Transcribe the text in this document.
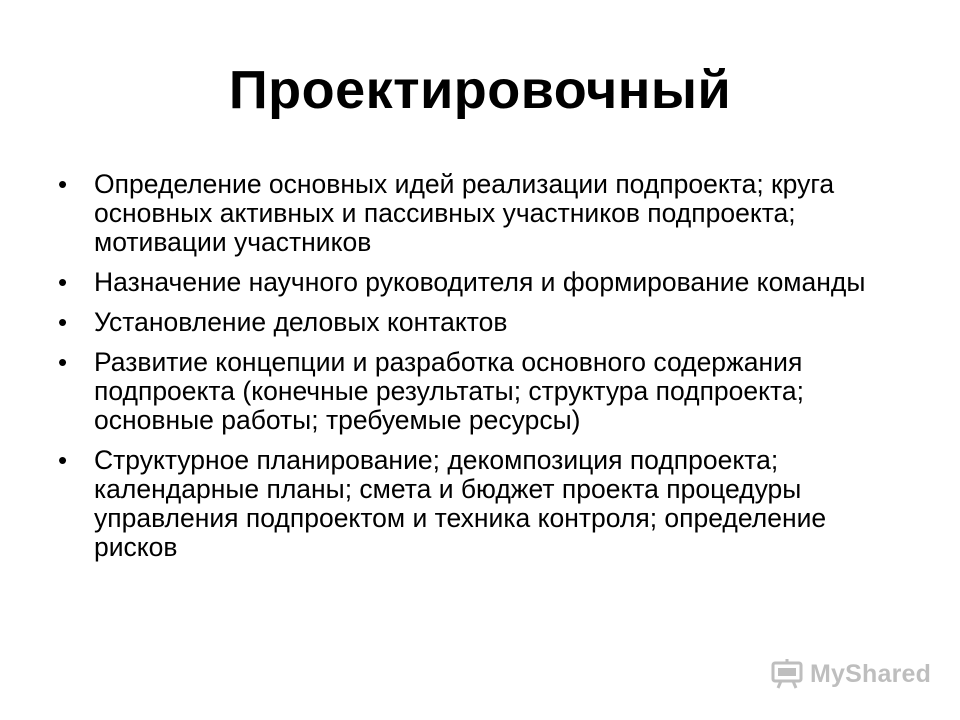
Проектировочный
• Определение основных идей реализации подпроекта; круга основных активных и пассивных участников подпроекта; мотивации участников
• Назначение научного руководителя и формирование команды
• Установление деловых контактов
• Развитие концепции и разработка основного содержания подпроекта (конечные результаты; структура подпроекта; основные работы; требуемые ресурсы)
• Структурное планирование; декомпозиция подпроекта; календарные планы; смета и бюджет проекта процедуры управления подпроектом и техника контроля; определение рисков
MyShared
